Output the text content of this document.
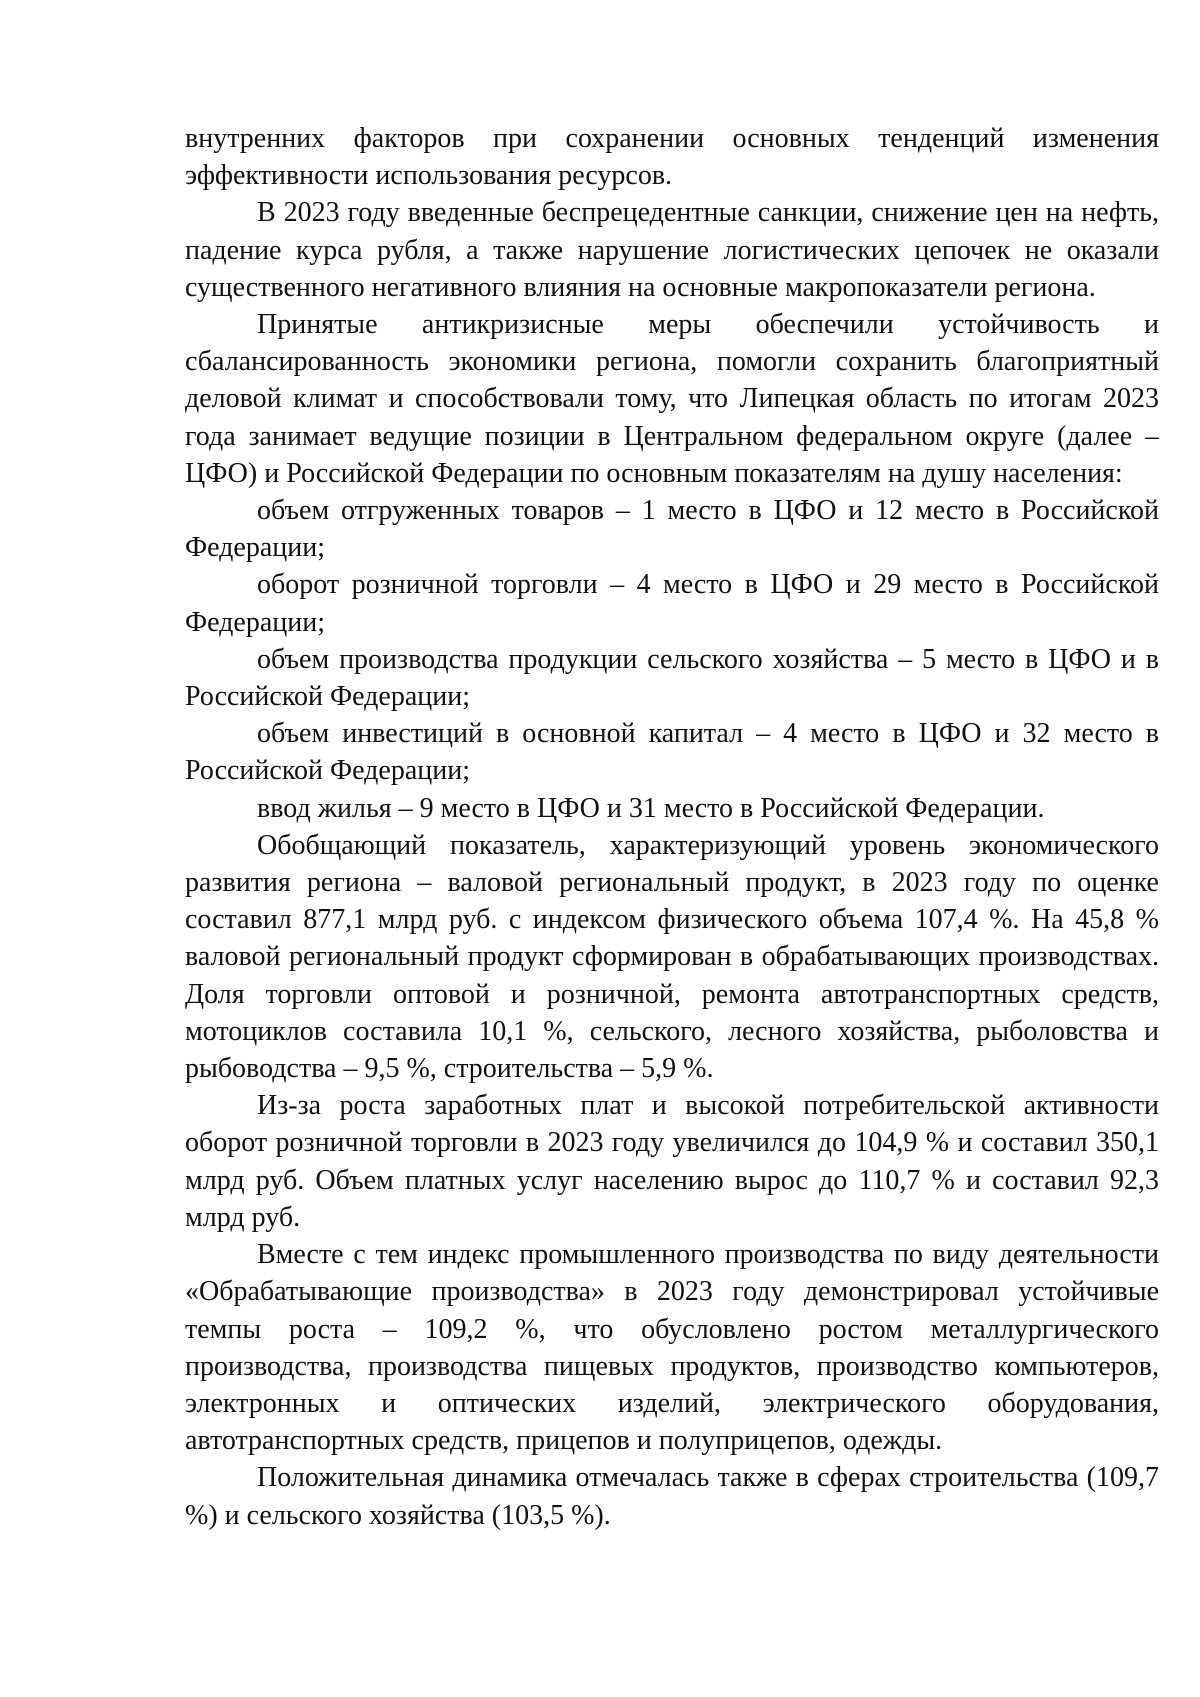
внутренних факторов при сохранении основных тенденций изменения эффективности использования ресурсов.

В 2023 году введенные беспрецедентные санкции, снижение цен на нефть, падение курса рубля, а также нарушение логистических цепочек не оказали существенного негативного влияния на основные макропоказатели региона.

Принятые антикризисные меры обеспечили устойчивость и сбалансированность экономики региона, помогли сохранить благоприятный деловой климат и способствовали тому, что Липецкая область по итогам 2023 года занимает ведущие позиции в Центральном федеральном округе (далее – ЦФО) и Российской Федерации по основным показателям на душу населения:

объем отгруженных товаров – 1 место в ЦФО и 12 место в Российской Федерации;

оборот розничной торговли – 4 место в ЦФО и 29 место в Российской Федерации;

объем производства продукции сельского хозяйства – 5 место в ЦФО и в Российской Федерации;

объем инвестиций в основной капитал – 4 место в ЦФО и 32 место в Российской Федерации;

ввод жилья – 9 место в ЦФО и 31 место в Российской Федерации.

Обобщающий показатель, характеризующий уровень экономического развития региона – валовой региональный продукт, в 2023 году по оценке составил 877,1 млрд руб. с индексом физического объема 107,4 %. На 45,8 % валовой региональный продукт сформирован в обрабатывающих производствах. Доля торговли оптовой и розничной, ремонта автотранспортных средств, мотоциклов составила 10,1 %, сельского, лесного хозяйства, рыболовства и рыбоводства – 9,5 %, строительства – 5,9 %.

Из-за роста заработных плат и высокой потребительской активности оборот розничной торговли в 2023 году увеличился до 104,9 % и составил 350,1 млрд руб. Объем платных услуг населению вырос до 110,7 % и составил 92,3 млрд руб.

Вместе с тем индекс промышленного производства по виду деятельности «Обрабатывающие производства» в 2023 году демонстрировал устойчивые темпы роста – 109,2 %, что обусловлено ростом металлургического производства, производства пищевых продуктов, производство компьютеров, электронных и оптических изделий, электрического оборудования, автотранспортных средств, прицепов и полуприцепов, одежды.

Положительная динамика отмечалась также в сферах строительства (109,7 %) и сельского хозяйства (103,5 %).
